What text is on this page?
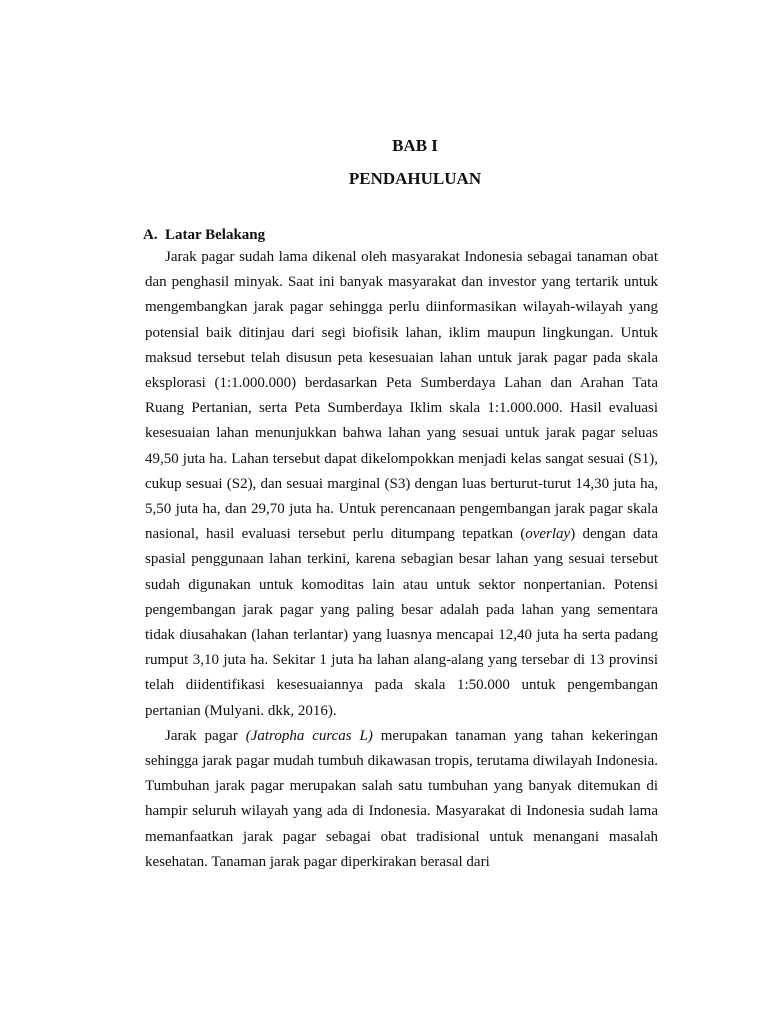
BAB I
PENDAHULUAN
A. Latar Belakang

Jarak pagar sudah lama dikenal oleh masyarakat Indonesia sebagai tanaman obat dan penghasil minyak. Saat ini banyak masyarakat dan investor yang tertarik untuk mengembangkan jarak pagar sehingga perlu diinformasikan wilayah-wilayah yang potensial baik ditinjau dari segi biofisik lahan, iklim maupun lingkungan. Untuk maksud tersebut telah disusun peta kesesuaian lahan untuk jarak pagar pada skala eksplorasi (1:1.000.000) berdasarkan Peta Sumberdaya Lahan dan Arahan Tata Ruang Pertanian, serta Peta Sumberdaya Iklim skala 1:1.000.000. Hasil evaluasi kesesuaian lahan menunjukkan bahwa lahan yang sesuai untuk jarak pagar seluas 49,50 juta ha. Lahan tersebut dapat dikelompokkan menjadi kelas sangat sesuai (S1), cukup sesuai (S2), dan sesuai marginal (S3) dengan luas berturut-turut 14,30 juta ha, 5,50 juta ha, dan 29,70 juta ha. Untuk perencanaan pengembangan jarak pagar skala nasional, hasil evaluasi tersebut perlu ditumpang tepatkan (overlay) dengan data spasial penggunaan lahan terkini, karena sebagian besar lahan yang sesuai tersebut sudah digunakan untuk komoditas lain atau untuk sektor nonpertanian. Potensi pengembangan jarak pagar yang paling besar adalah pada lahan yang sementara tidak diusahakan (lahan terlantar) yang luasnya mencapai 12,40 juta ha serta padang rumput 3,10 juta ha. Sekitar 1 juta ha lahan alang-alang yang tersebar di 13 provinsi telah diidentifikasi kesesuaiannya pada skala 1:50.000 untuk pengembangan pertanian (Mulyani. dkk, 2016).

Jarak pagar (Jatropha curcas L) merupakan tanaman yang tahan kekeringan sehingga jarak pagar mudah tumbuh dikawasan tropis, terutama diwilayah Indonesia. Tumbuhan jarak pagar merupakan salah satu tumbuhan yang banyak ditemukan di hampir seluruh wilayah yang ada di Indonesia. Masyarakat di Indonesia sudah lama memanfaatkan jarak pagar sebagai obat tradisional untuk menangani masalah kesehatan. Tanaman jarak pagar diperkirakan berasal dari
